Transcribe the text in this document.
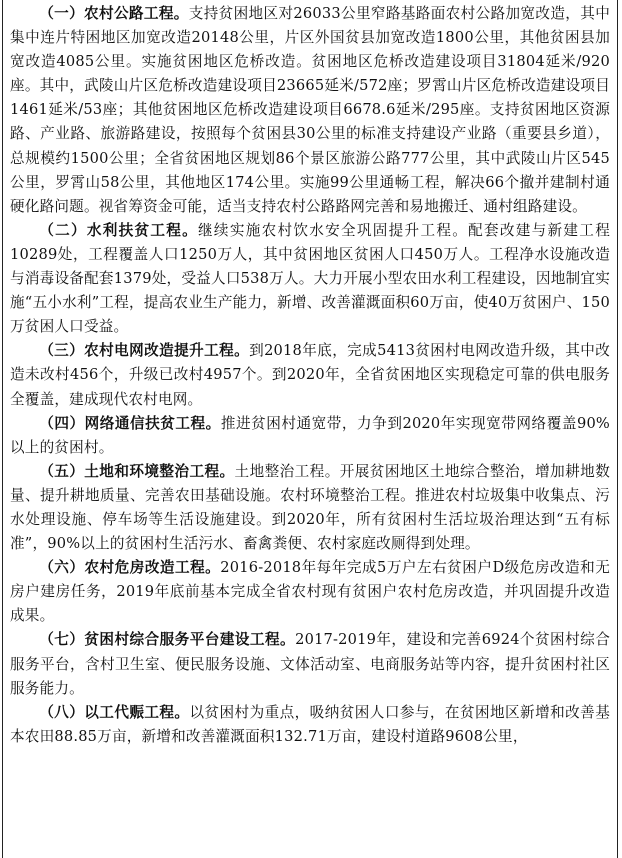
（一）农村公路工程。支持贫困地区对26033公里窄路基路面农村公路加宽改造，其中集中连片特困地区加宽改造20148公里，片区外国贫县加宽改造1800公里，其他贫困县加宽改造4085公里。实施贫困地区危桥改造。贫困地区危桥改造建设项目31804延米/920座。其中，武陵山片区危桥改造建设项目23665延米/572座；罗霄山片区危桥改造建设项目1461延米/53座；其他贫困地区危桥改造建设项目6678.6延米/295座。支持贫困地区资源路、产业路、旅游路建设，按照每个贫困县30公里的标准支持建设产业路（重要县乡道），总规模约1500公里；全省贫困地区规划86个景区旅游公路777公里，其中武陵山片区545公里，罗霄山58公里，其他地区174公里。实施99公里通畅工程，解决66个撤并建制村通硬化路问题。视省筹资金可能，适当支持农村公路路网完善和易地搬迁、通村组路建设。

（二）水利扶贫工程。继续实施农村饮水安全巩固提升工程。配套改建与新建工程10289处，工程覆盖人口1250万人，其中贫困地区贫困人口450万人。工程净水设施改造与消毒设备配套1379处，受益人口538万人。大力开展小型农田水利工程建设，因地制宜实施“五小水利”工程，提高农业生产能力，新增、改善灌溉面积60万亩，使40万贫困户、150万贫困人口受益。

（三）农村电网改造提升工程。到2018年底，完成5413贫困村电网改造升级，其中改造未改村456个，升级已改村4957个。到2020年，全省贫困地区实现稳定可靠的供电服务全覆盖，建成现代农村电网。

（四）网络通信扶贫工程。推进贫困村通宽带，力争到2020年实现宽带网络覆盖90%以上的贫困村。

（五）土地和环境整治工程。土地整治工程。开展贫困地区土地综合整治，增加耕地数量、提升耕地质量、完善农田基础设施。农村环境整治工程。推进农村垃圾集中收集点、污水处理设施、停车场等生活设施建设。到2020年，所有贫困村生活垃圾治理达到“五有标准”，90%以上的贫困村生活污水、畜禽粪便、农村家庭改厕得到处理。

（六）农村危房改造工程。2016-2018年每年完成5万户左右贫困户D级危房改造和无房户建房任务，2019年底前基本完成全省农村现有贫困户农村危房改造，并巩固提升改造成果。

（七）贫困村综合服务平台建设工程。2017-2019年，建设和完善6924个贫困村综合服务平台，含村卫生室、便民服务设施、文体活动室、电商服务站等内容，提升贫困村社区服务能力。

（八）以工代赈工程。以贫困村为重点，吸纳贫困人口参与，在贫困地区新增和改善基本农田88.85万亩，新增和改善灌溉面积132.71万亩，建设村道路9608公里，
